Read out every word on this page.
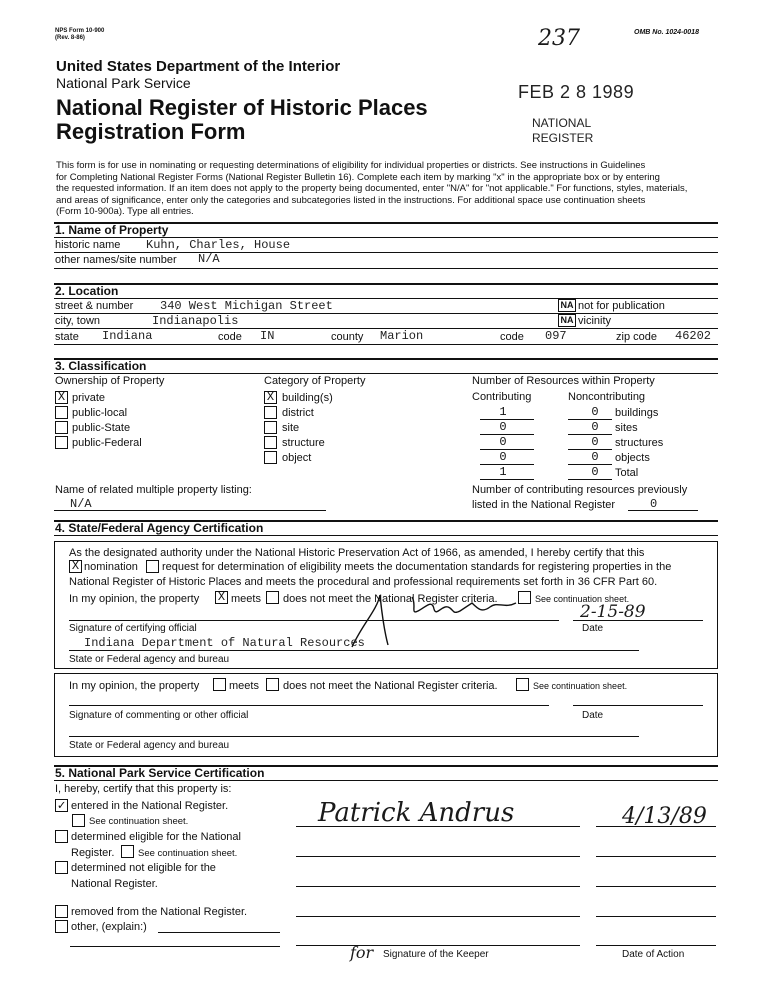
NPS Form 10-900
(Rev. 8-86)	237	OMB No. 1024-0018
United States Department of the Interior
National Park Service
National Register of Historic Places
Registration Form
FEB 2 8 1989
NATIONAL
REGISTER
This form is for use in nominating or requesting determinations of eligibility for individual properties or districts. See instructions in Guidelines
for Completing National Register Forms (National Register Bulletin 16). Complete each item by marking "x" in the appropriate box or by entering
the requested information. If an item does not apply to the property being documented, enter "N/A" for "not applicable." For functions, styles, materials,
and areas of significance, enter only the categories and subcategories listed in the instructions. For additional space use continuation sheets
(Form 10-900a). Type all entries.
1. Name of Property
historic name Kuhn, Charles, House
other names/site number N/A
2. Location
street & number 340 West Michigan Street	NA not for publication
city, town	Indianapolis	NA vicinity
state Indiana	code IN	county Marion	code 097	zip code 46202
3. Classification
Ownership of Property
X private
public-local
public-State
public-Federal
Category of Property
X building(s)
district
site
structure
object
Number of Resources within Property
Contributing	Noncontributing
1	0	buildings
0	0	sites
0	0	structures
0	0	objects
1	0	Total
Name of related multiple property listing:
N/A
Number of contributing resources previously
listed in the National Register	0
4. State/Federal Agency Certification
As the designated authority under the National Historic Preservation Act of 1966, as amended, I hereby certify that this
X nomination request for determination of eligibility meets the documentation standards for registering properties in the
National Register of Historic Places and meets the procedural and professional requirements set forth in 36 CFR Part 60.
In my opinion, the property X meets does not meet the National Register criteria.	See continuation sheet.
Signature of certifying official
2-15-89
Date
Indiana Department of Natural Resources
State or Federal agency and bureau
In my opinion, the property	meets does not meet the National Register criteria.	See continuation sheet.
Signature of commenting or other official	Date
State or Federal agency and bureau
5. National Park Service Certification
I, hereby, certify that this property is:
✓ entered in the National Register.
See continuation sheet.
determined eligible for the National
Register. See continuation sheet.
determined not eligible for the
National Register.
removed from the National Register.
other, (explain:)
Patrick Andrus	4/13/89
for Signature of the Keeper	Date of Action
